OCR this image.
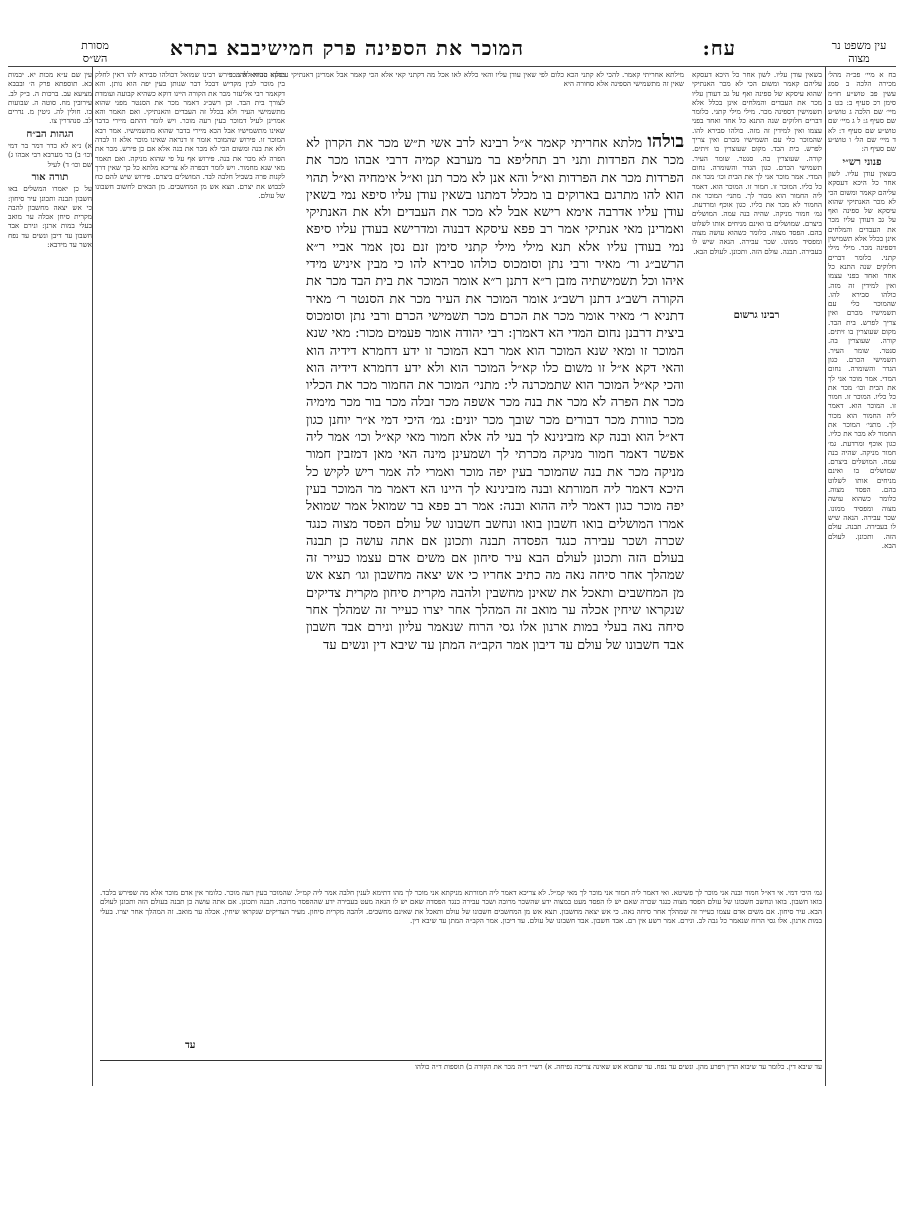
עח:
המוכר את הספינה פרק חמישי
בבא בתרא
מסורת הש״ס
עין משפט נר מצוה
בח א מיי׳ פכ״ה מהל׳ מכירה הלכה ב סמג עשין פב טוש״ע חו״מ סימן רכ סעיף ב: בט ב מיי׳ שם הלכה ג טוש״ע שם סעיף ג: ל ג מיי׳ שם טוש״ע שם סעיף ד: לא ד מיי׳ שם הל׳ ו טוש״ע שם סעיף ה:
פנוני רש״י
בשאין עודן עליו. לשון אחר כל היכא דעסקא עליהם קאמר ומשום הכי לא מכר האנתיקי שהוא עיסקא של ספינה ואף על גב דעודן עליו מכר את העבדים והמלחים אינן בכלל אלא תשמישין דספינה מכר. מילי מילי קתני. כלומר דברים חלוקים שנה התנא כל אחד ואחד בפני עצמו ואין למידין זה מזה. כולהו סבירא להו. שהמוכר כלי עם תשמישיו מכרם ואין צריך לפרש. בית הבד. מקום שעוצרין בו זיתים. קורה. שעוצרין בה. סנטר. שומר העיר. תשמישי הכרם. כגון הגדר והשומרה. נחום המדי. אמר מוכר אני לך את הבית וכו׳ מכר את כל כליו. המוכר זו. חמור זו. המוכר הוא. דאמר ליה החמור הוא מכור לך. מתני׳ המוכר את החמור לא מכר את כליו. כגון אוכף ומרדעת. גמ׳ חמור מניקה. שהיה בנה עמה. המושלים ביצרם. שמושלים בו ואינם מניחים אותו לשלוט בהם. הפסד מצוה. כלומר כשהוא עושה מצוה ומפסיד ממונו. שכר עבירה. הנאה שיש לו בעבירה. תבנה. עולם הזה. ותכונן. לעולם הבא.
בשאין עודן עליו. לשון אחר כל היכא דעסקא עליהם קאמר ומשום הכי לא מכר האנתיקי שהוא עיסקא של ספינה ואף על גב דעודן עליו מכר את העבדים והמלחים אינן בכלל אלא תשמישין דספינה מכר. מילי מילי קתני. כלומר דברים חלוקים שנה התנא כל אחד ואחד בפני עצמו ואין למידין זה מזה. כולהו סבירא להו. שהמוכר כלי עם תשמישיו מכרם ואין צריך לפרש. בית הבד. מקום שעוצרין בו זיתים. קורה. שעוצרין בה. סנטר. שומר העיר. תשמישי הכרם. כגון הגדר והשומרה. נחום המדי. אמר מוכר אני לך את הבית וכו׳ מכר את כל כליו. המוכר זו. חמור זו. המוכר הוא. דאמר ליה החמור הוא מכור לך. מתני׳ המוכר את החמור לא מכר את כליו. כגון אוכף ומרדעת. גמ׳ חמור מניקה. שהיה בנה עמה. המושלים ביצרם. שמושלים בו ואינם מניחים אותו לשלוט בהם. הפסד מצוה. כלומר כשהוא עושה מצוה ומפסיד ממונו. שכר עבירה. הנאה שיש לו בעבירה. תבנה. עולם הזה. ותכונן. לעולם הבא.
רבינו גרשום
מילתא אחריתי קאמר. להכי לא קתני הכא כלום לפי שאין עודן עליו והאי כללא לאו אכל מה דקתני קאי אלא הכי קאמר אבל אמרינן דאנתיקי עיסקא ההוא לא מכר שאין זה מתשמישי הספינה אלא סחורה היא
בולהו מלתא אחריתי קאמר א״ל רבינא לרב אשי ת״ש מכר את הקרון לא מכר את הפרדות ותני רב תחליפא בר מערבא קמיה דרבי אבהו מכר את הפרדות מכר את הפרדות וא״ל והא אנן לא מכר תנן וא״ל אימחיה וא״ל תהוי הוא להו מתרגם בארוקים בו מכלל דמתנו בשאין עודן עליו סיפא נמי בשאין עודן עליו אדרבה אימא רישא אבל לא מכר את העבדים ולא את האנתיקי ואמרינן מאי אנתיקי אמר רב פפא עיסקא דבנוה ומדרישא בעודן עליו סיפא נמי בעודן עליו אלא תנא מילי מילי קתני סימן זנם נסן אמר אביי ר״א הרשב״ג ור׳ מאיר ורבי נתן וסומכוס כולהו סבירא להו כי מבין איניש מידי איהו וכל תשמישתיה מזבן ר״א דתנן ר״א אומר המוכר את בית הבד מכר את הקורה רשב״ג דתנן רשב״ג אומר המוכר את העיר מכר את הסנטר ר׳ מאיר דתניא ר׳ מאיר אומר מכר את הכרם מכר תשמישי הכרם ורבי נתן וסומכוס ביצית דרבנן נחום המדי הא דאמרן: רבי יהודה אומר פעמים מכור: מאי שנא המוכר זו ומאי שנא המוכר הוא אמר רבא המוכר זו ידע דחמרא דידיה הוא והאי דקא א״ל זו משום כלו קא״ל המוכר הוא ולא ידע דחמרא דידיה הוא והכי קא״ל המוכר הוא שתמכרנה לי: מתני׳ המוכר את החמור מכר את הכליו מכר את הפרה לא מכר את בנה מכר אשפה מכר זבלה מכר בור מכר מימיה מכר כוורת מכר דבורים מכר שובך מכר יונים: גמ׳ היכי דמי א״ר יוחנן כגון דא״ל הוא ובנה קא מזבינינא לך בעי לה אלא חמור מאי קא״ל וכו׳ אמר ליה אפשר דאמר חמור מניקה מכרתי לך ושמעינן מינה האי מאן דמזבין חמור מניקה מכר את בנה שהמוכר בעין יפה מוכר ואמרי לה אמר ריש לקיש כל היכא דאמר ליה חמורתא ובנה מזבינינא לך היינו הא דאמר מר המוכר בעין יפה מוכר כגון דאמר ליה ההוא ובנה: אמר רב פפא בר שמואל אמר שמואל אמרו המושלים בואו חשבון בואו ונחשב חשבונו של עולם הפסד מצוה כנגד שכרה ושכר עבירה כנגד הפסדה תבנה ותכונן אם אתה עושה כן תבנה בעולם הזה ותכונן לעולם הבא עיר סיחון אם משים אדם עצמו כעייר זה שמהלך אחר סיחה נאה מה כתיב אחריו כי אש יצאה מחשבון וגו׳ תצא אש מן המחשבים ותאכל את שאינן מחשבין ולהבה מקרית סיחון מקרית צדיקים שנקראו שיחין אכלה ער מואב זה המהלך אחר יצרו כעייר זה שמהלך אחר סיחה נאה בעלי במות ארנון אלו גסי הרוח שנאמר עליון ונירם אבד חשבון אבד חשבונו של עולם עד דיבון אמר הקב״ה המתן עד שיבא דין ונשים עד
בולהו סבירא להו. פירש רבינו שמואל דכולהו סבירא להו דאין לחלק בין מוכר לבין מקדיש דבכל דבר שנותן בעין יפה הוא נותן. והא דקאמר רבי אליעזר מכר את הקורה היינו דוקא כשהיא קבועה ועומדת לצורך בית הבד. וכן רשב״ג דאמר מכר את הסנטר מפני שהוא מתשמישי העיר ולא בכלל זה העבדים והאנתיקי. ואם תאמר והא אמרינן לעיל דמוכר בעין רעה מוכר. ויש לומר דהתם מיירי בדבר שאינו מתשמישיו אבל הכא מיירי בדבר שהוא מתשמישיו. אמר רבא המוכר זו. פירוש שהמוכר אומר זו דנראה שאינו מוכר אלא זו לבדה ולא את בנה ומשום הכי לא מכר את בנה אלא אם כן פירש. מכר את הפרה לא מכר את בנה. פירוש אף על פי שהוא מניקה. ואם תאמר מאי שנא מחמור. ויש לומר דבפרה לא צריכא מלתא כל כך שאין דרך לקנות פרה בשביל חלבה לבד. המושלים ביצרם. פירוש שיש להם כח לכבוש את יצרם. תצא אש מן המחשבים. מן הבאים לחשוב חשבונו של עולם.
עין שם ע״א מכות יא. יבמות כא. תוספתא פרק ה׳ ובבבא מציעא עב. ברכות ה. ב״ק לב. עירובין מח. סוטה ה. שבועות כו. חולין לה. גיטין מ. נדרים לב. סנהדרין צו.
הגהות הב״ח
א) נ״א לא כדר דמר בר דמי וכו׳ ב) בר מערבא רבי אבהו ג) שם וכו׳ ד) לעיל
תורה אור
על כן יאמרו המשלים באו חשבון תבנה ותכונן עיר סיחון: כי אש יצאה מחשבון להבה מקרית סיחן אכלה ער מואב בעלי במות ארנן: ונירם אבד חשבון עד דיבן ונשים עד נפח אשר עד מידבא:
גמ׳ היכי דמי. אי דא״ל חמור ובנה אני מוכר לך פשיטא. ואי דאמר ליה חמור אני מוכר לך מאי קמ״ל. לא צריכא דאמר ליה חמורתא מניקתא אני מוכר לך מהו דתימא לענין חלבה אמר ליה קמ״ל. שהמוכר בעין רעה מוכר. כלומר אין אדם מוכר אלא מה שפירש בלבד. בואו חשבון. בואו ונחשב חשבונו של עולם הפסד מצוה כנגד שכרה שאם יש לו הפסד מעט במצוה ידע שהשכר מרובה ושכר עבירה כנגד הפסדה שאם יש לו הנאה מעט בעבירה ידע שההפסד מרובה. תבנה ותכונן. אם אתה עושה כן תבנה בעולם הזה ותכונן לעולם הבא. עיר סיחון. אם משים אדם עצמו כעייר זה שמהלך אחר סיחה נאה. כי אש יצאה מחשבון. תצא אש מן המחשבים חשבונו של עולם ותאכל את שאינם מחשבים. ולהבה מקרית סיחון. מעיר הצדיקים שנקראו שיחין. אכלה ער מואב. זה המהלך אחר יצרו. בעלי במות ארנון. אלו גסי הרוח שנאמר כל גבה לב. ונירם. אמר רשע אין רם. אבד חשבון. אבד חשבונו של עולם. עד דיבון. אמר הקב״ה המתן עד שיבא דין.
עד שיבא דין. כלומר עד שיבוא הדין ויפרע מהן. ונשים עד נפח. עד שתבוא אש שאינה צריכה נפיחה. א) רש״י ד״ה מכר את הקורה ב) תוספות ד״ה כולהו
עד
